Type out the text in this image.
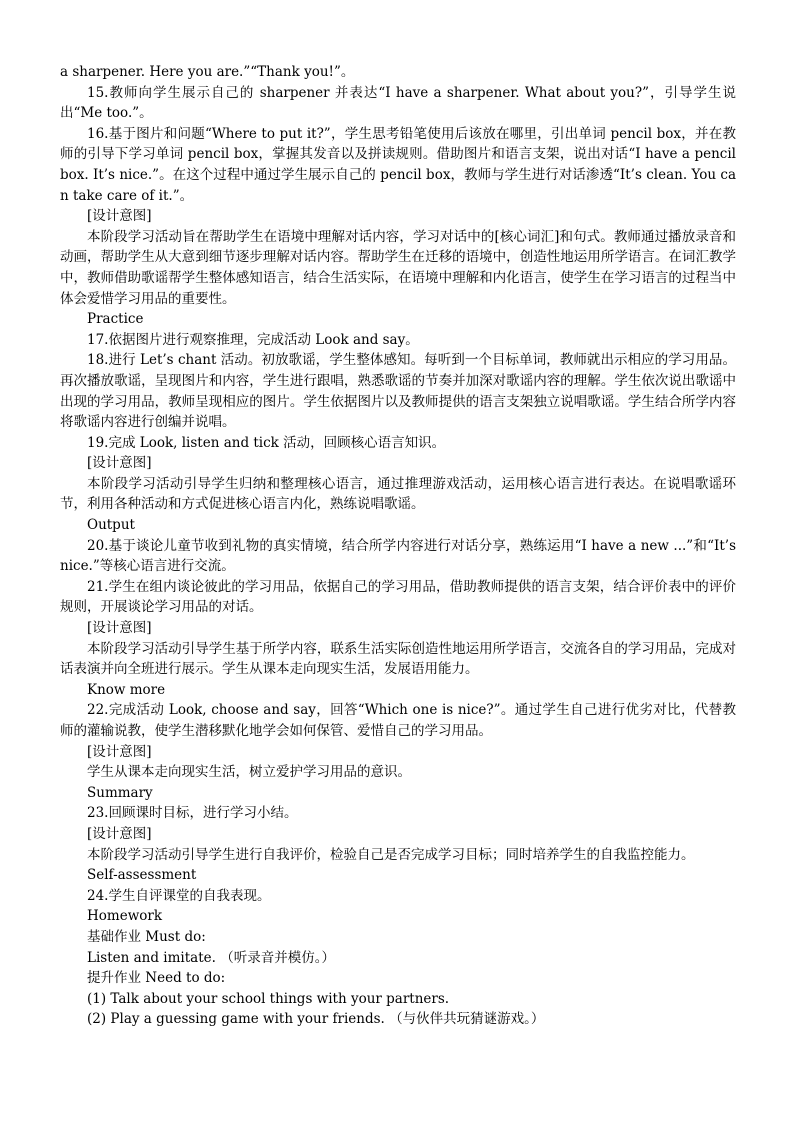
a sharpener. Here you are.”“Thank you!”。

15.教师向学生展示自己的 sharpener 并表达“I have a sharpener. What about you?”，引导学生说出“Me too.”。

16.基于图片和问题“Where to put it?”，学生思考铅笔使用后该放在哪里，引出单词 pencil box，并在教师的引导下学习单词 pencil box，掌握其发音以及拼读规则。借助图片和语言支架，说出对话“I have a pencil box. It’s nice.”。在这个过程中通过学生展示自己的 pencil box，教师与学生进行对话渗透“It’s clean. You can take care of it.”。

[设计意图]

本阶段学习活动旨在帮助学生在语境中理解对话内容，学习对话中的[核心词汇]和句式。教师通过播放录音和动画，帮助学生从大意到细节逐步理解对话内容。帮助学生在迁移的语境中，创造性地运用所学语言。在词汇教学中，教师借助歌谣帮学生整体感知语言，结合生活实际，在语境中理解和内化语言，使学生在学习语言的过程当中体会爱惜学习用品的重要性。

Practice

17.依据图片进行观察推理，完成活动 Look and say。

18.进行 Let’s chant 活动。初放歌谣，学生整体感知。每听到一个目标单词，教师就出示相应的学习用品。再次播放歌谣，呈现图片和内容，学生进行跟唱，熟悉歌谣的节奏并加深对歌谣内容的理解。学生依次说出歌谣中出现的学习用品，教师呈现相应的图片。学生依据图片以及教师提供的语言支架独立说唱歌谣。学生结合所学内容将歌谣内容进行创编并说唱。

19.完成 Look, listen and tick 活动，回顾核心语言知识。

[设计意图]

本阶段学习活动引导学生归纳和整理核心语言，通过推理游戏活动，运用核心语言进行表达。在说唱歌谣环节，利用各种活动和方式促进核心语言内化，熟练说唱歌谣。

Output

20.基于谈论儿童节收到礼物的真实情境，结合所学内容进行对话分享，熟练运用“I have a new ...”和“It’s nice.”等核心语言进行交流。

21.学生在组内谈论彼此的学习用品，依据自己的学习用品，借助教师提供的语言支架，结合评价表中的评价规则，开展谈论学习用品的对话。

[设计意图]

本阶段学习活动引导学生基于所学内容，联系生活实际创造性地运用所学语言，交流各自的学习用品，完成对话表演并向全班进行展示。学生从课本走向现实生活，发展语用能力。

Know more

22.完成活动 Look, choose and say，回答“Which one is nice?”。通过学生自己进行优劣对比，代替教师的灌输说教，使学生潜移默化地学会如何保管、爱惜自己的学习用品。

[设计意图]

学生从课本走向现实生活，树立爱护学习用品的意识。

Summary

23.回顾课时目标，进行学习小结。

[设计意图]

本阶段学习活动引导学生进行自我评价，检验自己是否完成学习目标；同时培养学生的自我监控能力。

Self-assessment

24.学生自评课堂的自我表现。

Homework

基础作业 Must do:

Listen and imitate. （听录音并模仿。）

提升作业 Need to do:

(1) Talk about your school things with your partners.

(2) Play a guessing game with your friends. （与伙伴共玩猜谜游戏。）
